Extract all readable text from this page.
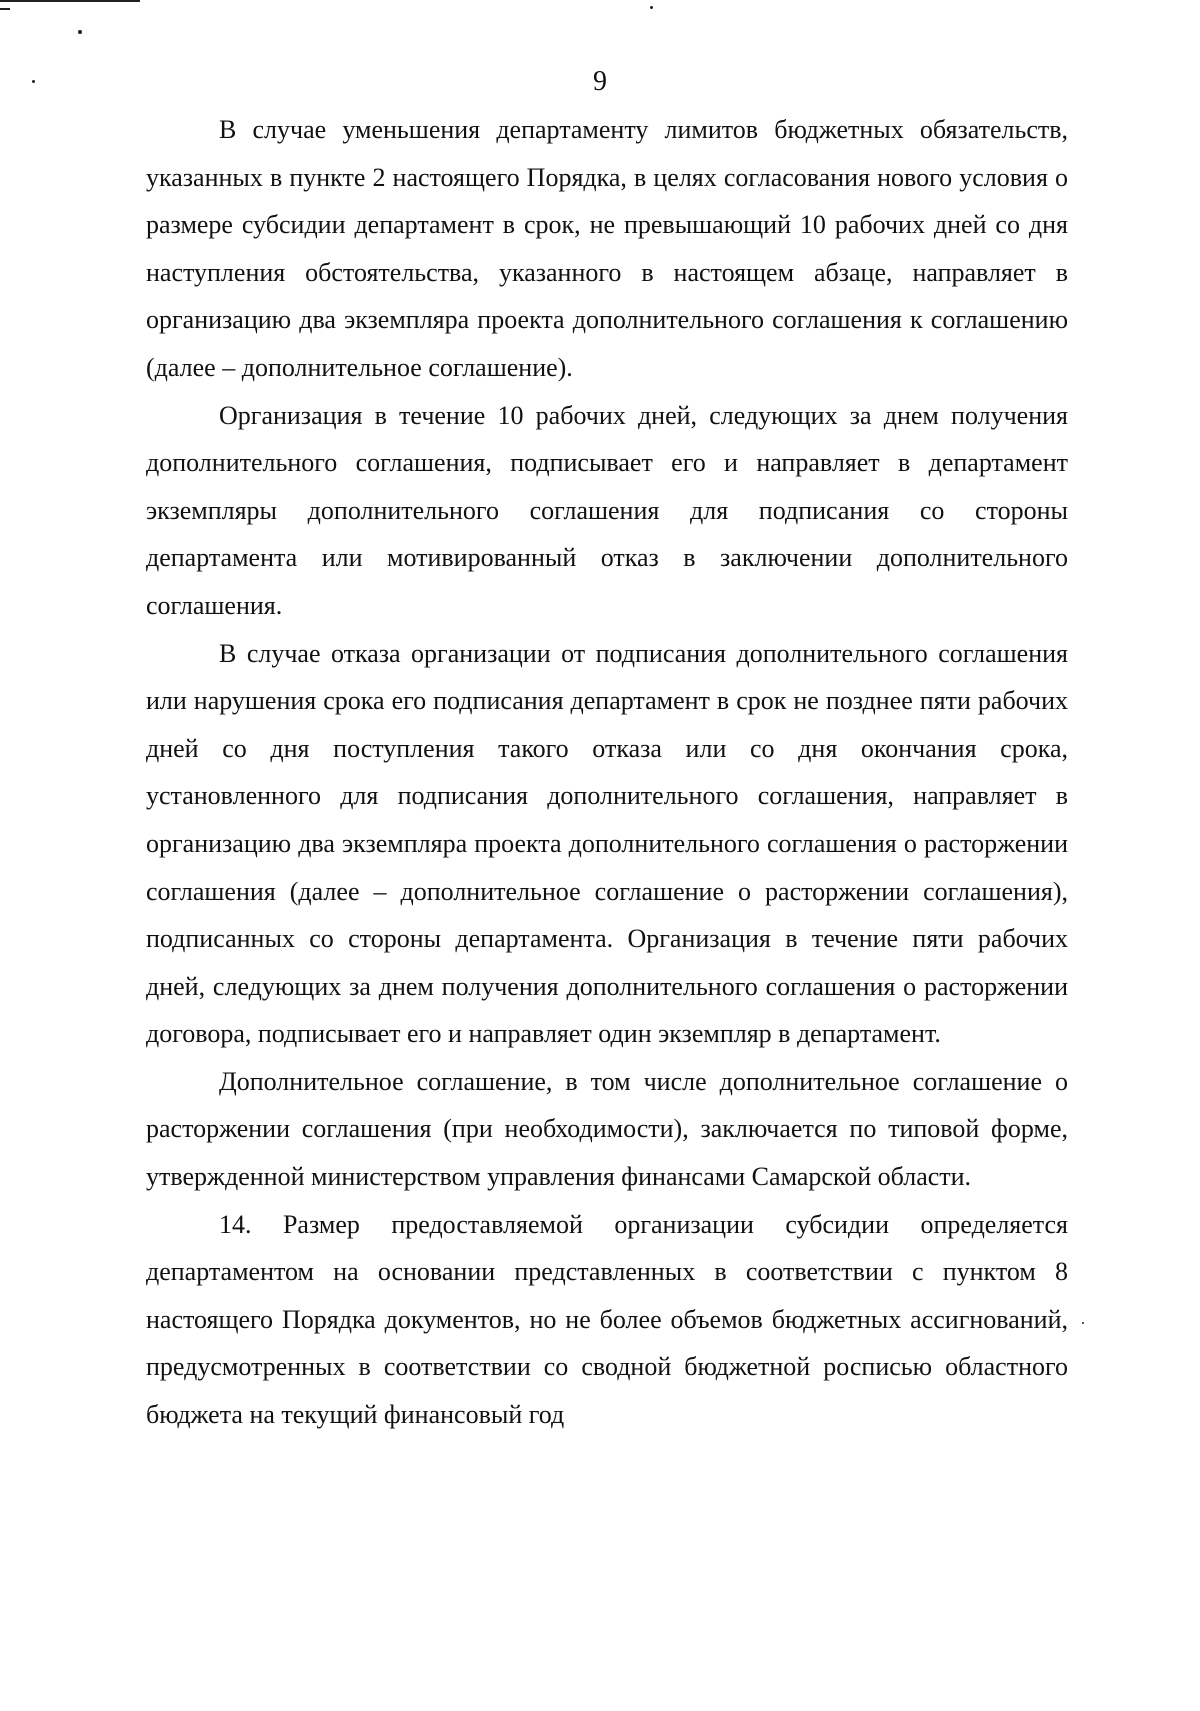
9

В случае уменьшения департаменту лимитов бюджетных обязательств, указанных в пункте 2 настоящего Порядка, в целях согласования нового условия о размере субсидии департамент в срок, не превышающий 10 рабочих дней со дня наступления обстоятельства, указанного в настоящем абзаце, направляет в организацию два экземпляра проекта дополнительного соглашения к соглашению (далее – дополнительное соглашение).

Организация в течение 10 рабочих дней, следующих за днем получения дополнительного соглашения, подписывает его и направляет в департамент экземпляры дополнительного соглашения для подписания со стороны департамента или мотивированный отказ в заключении дополнительного соглашения.

В случае отказа организации от подписания дополнительного соглашения или нарушения срока его подписания департамент в срок не позднее пяти рабочих дней со дня поступления такого отказа или со дня окончания срока, установленного для подписания дополнительного соглашения, направляет в организацию два экземпляра проекта дополнительного соглашения о расторжении соглашения (далее – дополнительное соглашение о расторжении соглашения), подписанных со стороны департамента. Организация в течение пяти рабочих дней, следующих за днем получения дополнительного соглашения о расторжении договора, подписывает его и направляет один экземпляр в департамент.

Дополнительное соглашение, в том числе дополнительное соглашение о расторжении соглашения (при необходимости), заключается по типовой форме, утвержденной министерством управления финансами Самарской области.

14. Размер предоставляемой организации субсидии определяется департаментом на основании представленных в соответствии с пунктом 8 настоящего Порядка документов, но не более объемов бюджетных ассигнований, предусмотренных в соответствии со сводной бюджетной росписью областного бюджета на текущий финансовый год
